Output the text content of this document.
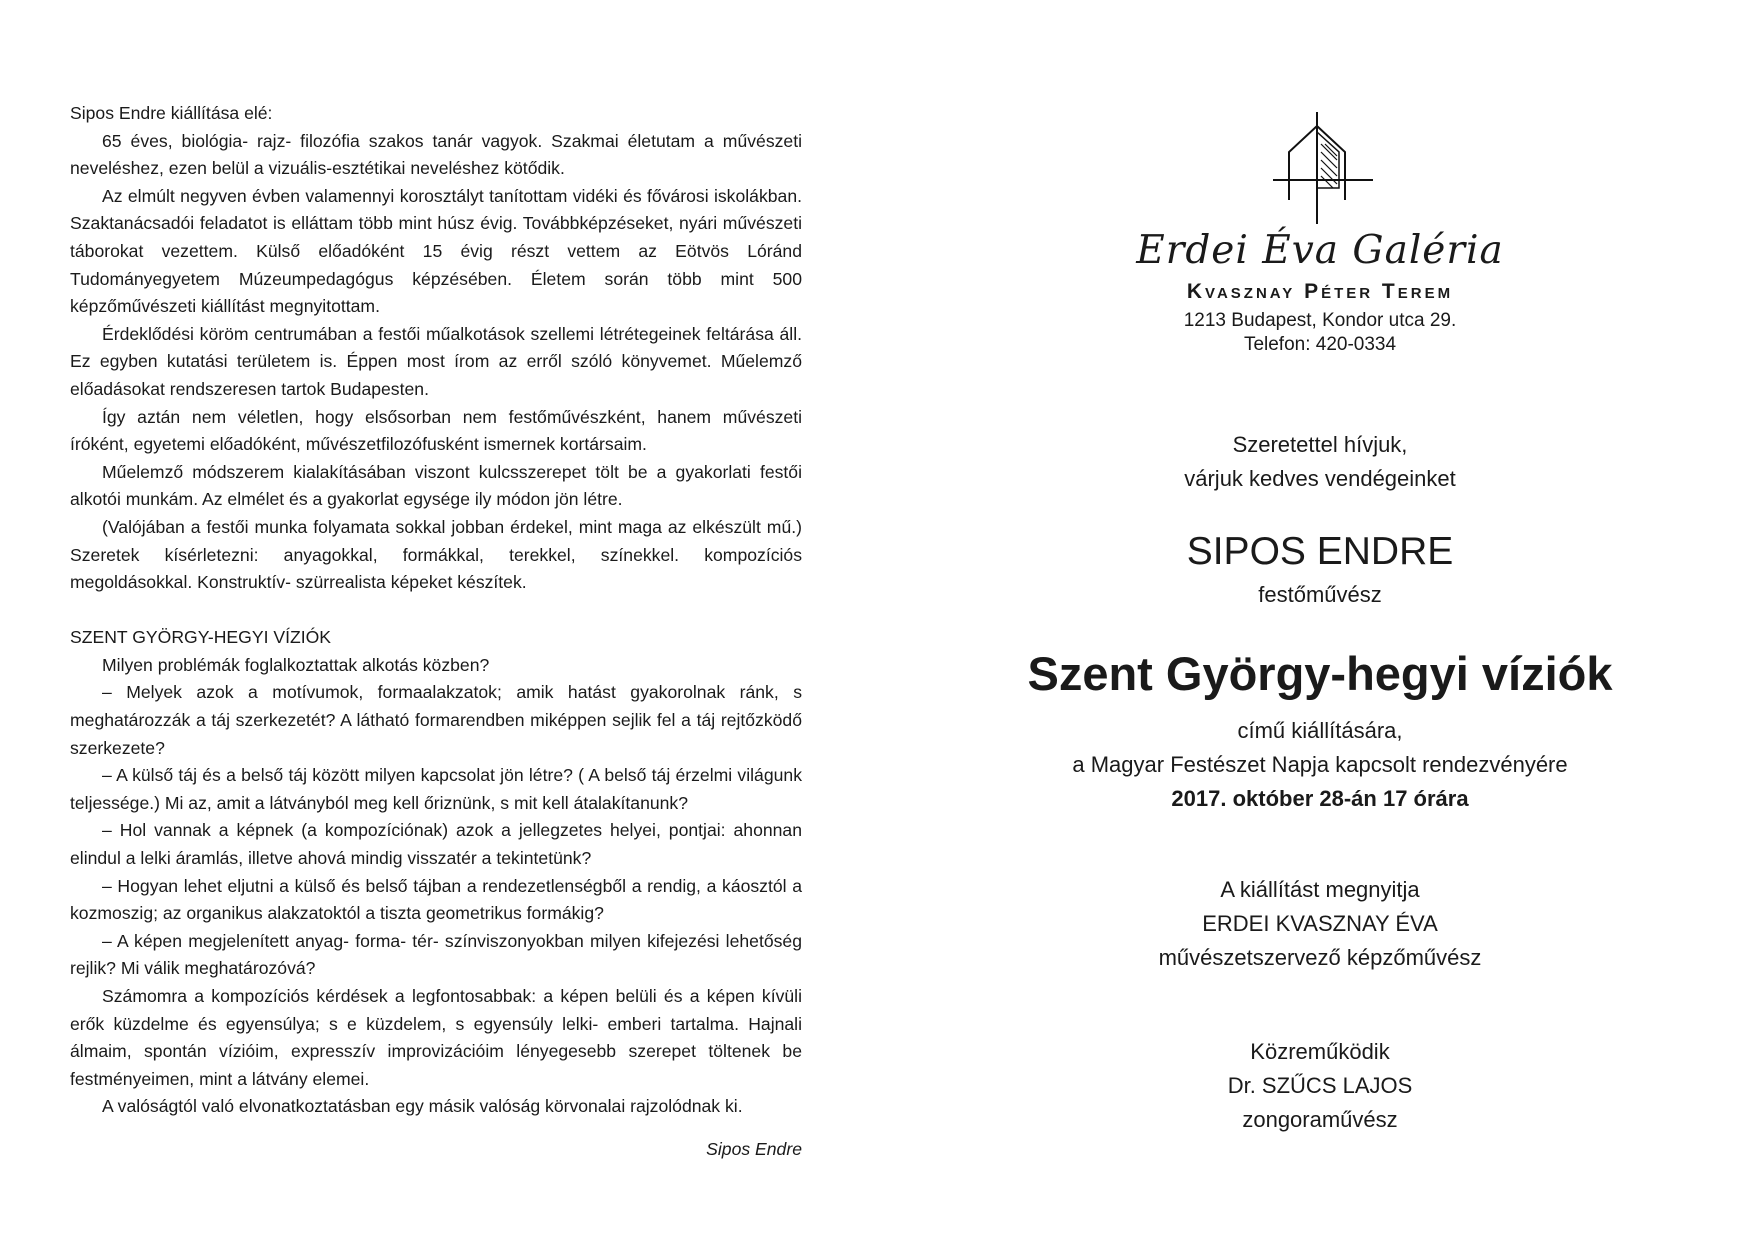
Sipos Endre kiállítása elé:

65 éves, biológia- rajz- filozófia szakos tanár vagyok. Szakmai életutam a művészeti neveléshez, ezen belül a vizuális-esztétikai neveléshez kötődik.

Az elmúlt negyven évben valamennyi korosztályt tanítottam vidéki és fővárosi iskolákban. Szaktanácsadói feladatot is elláttam több mint húsz évig. Továbbképzéseket, nyári művészeti táborokat vezettem. Külső előadóként 15 évig részt vettem az Eötvös Lóránd Tudományegyetem Múzeumpedagógus képzésében. Életem során több mint 500 képzőművészeti kiállítást megnyitottam.

Érdeklődési köröm centrumában a festői műalkotások szellemi létrétegeinek feltárása áll. Ez egyben kutatási területem is. Éppen most írom az erről szóló könyvemet. Műelemző előadásokat rendszeresen tartok Budapesten.

Így aztán nem véletlen, hogy elsősorban nem festőművészként, hanem művészeti íróként, egyetemi előadóként, művészetfilozófusként ismernek kortársaim.

Műelemző módszerem kialakításában viszont kulcsszerepet tölt be a gyakorlati festői alkotói munkám. Az elmélet és a gyakorlat egysége ily módon jön létre.

(Valójában a festői munka folyamata sokkal jobban érdekel, mint maga az elkészült mű.) Szeretek kísérletezni: anyagokkal, formákkal, terekkel, színekkel. kompozíciós megoldásokkal. Konstruktív- szürrealista képeket készítek.

SZENT GYÖRGY-HEGYI VÍZIÓK

Milyen problémák foglalkoztattak alkotás közben?

– Melyek azok a motívumok, formaalakzatok; amik hatást gyakorolnak ránk, s meghatározzák a táj szerkezetét? A látható formarendben miképpen sejlik fel a táj rejtőzködő szerkezete?

– A külső táj és a belső táj között milyen kapcsolat jön létre? ( A belső táj érzelmi világunk teljessége.) Mi az, amit a látványból meg kell őriznünk, s mit kell átalakítanunk?

– Hol vannak a képnek (a kompozíciónak) azok a jellegzetes helyei, pontjai: ahonnan elindul a lelki áramlás, illetve ahová mindig visszatér a tekintetünk?

– Hogyan lehet eljutni a külső és belső tájban a rendezetlenségből a rendig, a káosztól a kozmoszig; az organikus alakzatoktól a tiszta geometrikus formákig?

– A képen megjelenített anyag- forma- tér- színviszonyokban milyen kifejezési lehetőség rejlik? Mi válik meghatározóvá?

Számomra a kompozíciós kérdések a legfontosabbak: a képen belüli és a képen kívüli erők küzdelme és egyensúlya; s e küzdelem, s egyensúly lelki- emberi tartalma. Hajnali álmaim, spontán vízióim, expresszív improvizációim lényegesebb szerepet töltenek be festményeimen, mint a látvány elemei.

A valóságtól való elvonatkoztatásban egy másik valóság körvonalai rajzolódnak ki.

Sipos Endre

Erdei Éva Galéria
Kvasznay Péter Terem
1213 Budapest, Kondor utca 29.
Telefon: 420-0334
Szeretettel hívjuk,
várjuk kedves vendégeinket
SIPOS ENDRE
festőművész
Szent György-hegyi víziók
című kiállítására,
a Magyar Festészet Napja kapcsolt rendezvényére
2017. október 28-án 17 órára
A kiállítást megnyitja
ERDEI KVASZNAY ÉVA
művészetszervező képzőművész
Közreműködik
Dr. SZŰCS LAJOS
zongoraművész
